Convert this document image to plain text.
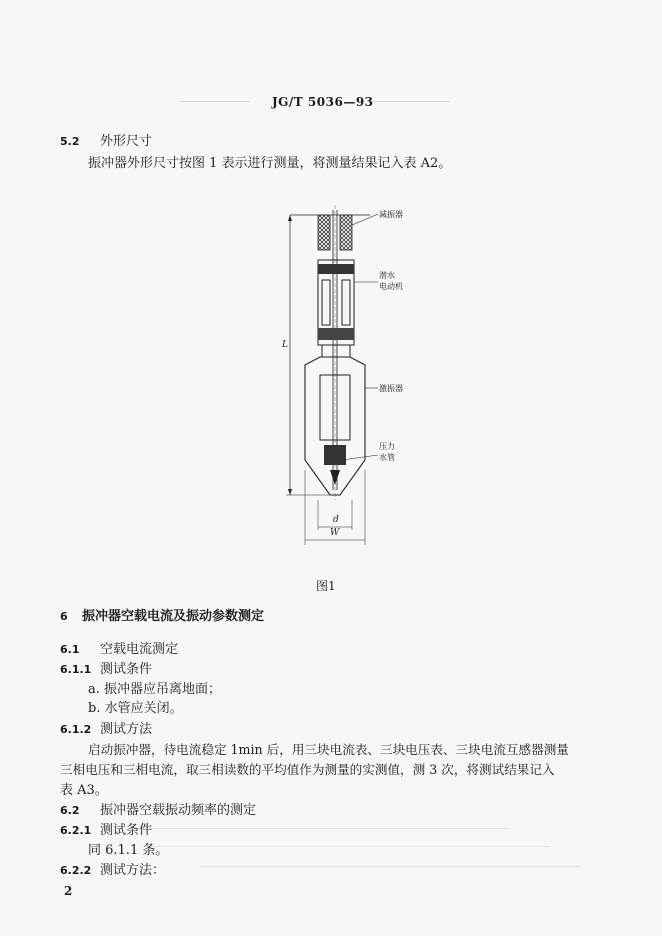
JG/T 5036—93
5.2 外形尺寸
振冲器外形尺寸按图 1 表示进行测量，将测量结果记入表 A2。
减振器
潜水
电动机
激振器
压力
水管
L
d
W
图1
6 振冲器空载电流及振动参数测定
6.1 空载电流测定
6.1.1 测试条件
a. 振冲器应吊离地面；
b. 水管应关闭。
6.1.2 测试方法
启动振冲器，待电流稳定 1min 后，用三块电流表、三块电压表、三块电流互感器测量
三相电压和三相电流，取三相读数的平均值作为测量的实测值，测 3 次，将测试结果记入
表 A3。
6.2 振冲器空载振动频率的测定
6.2.1 测试条件
同 6.1.1 条。
6.2.2 测试方法：
2
